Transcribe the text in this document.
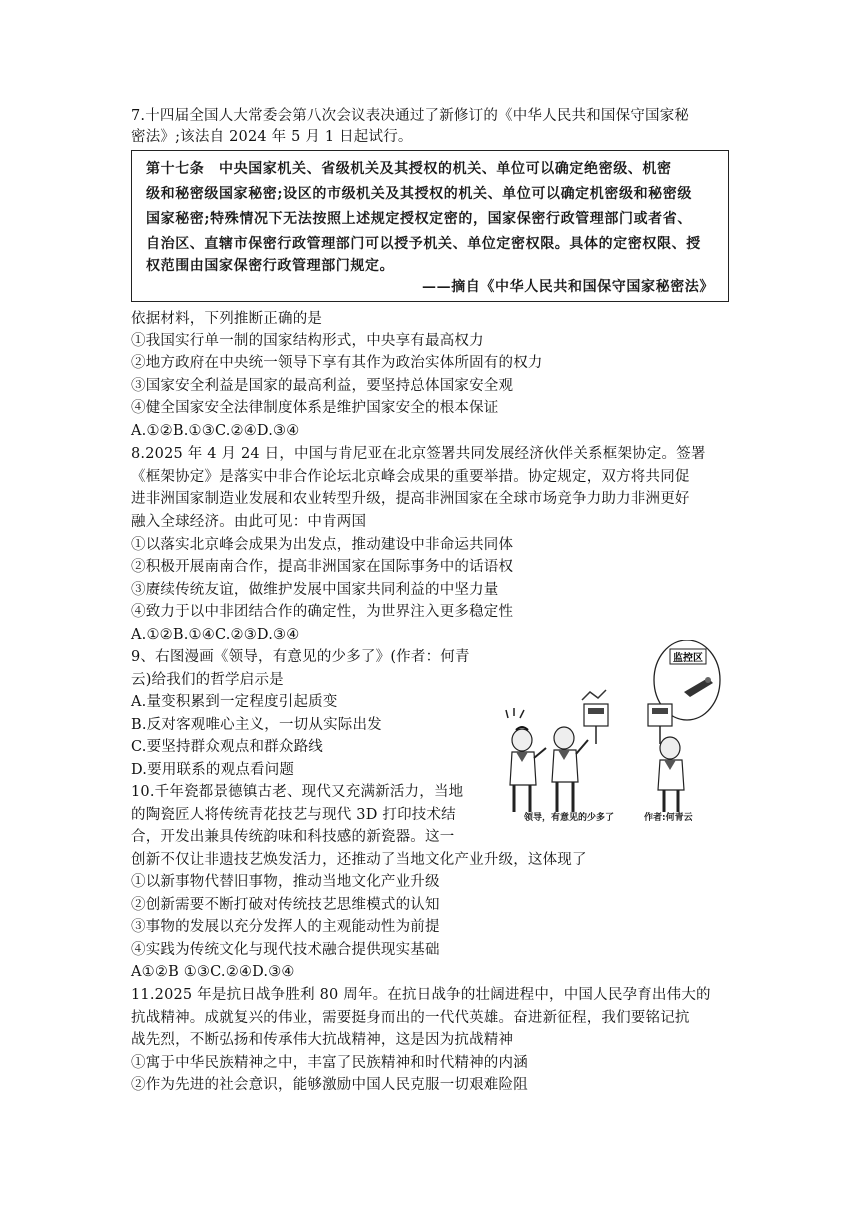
7.十四届全国人大常委会第八次会议表决通过了新修订的《中华人民共和国保守国家秘
密法》;该法自 2024 年 5 月 1 日起试行。
第十七条　中央国家机关、省级机关及其授权的机关、单位可以确定绝密级、机密
级和秘密级国家秘密;设区的市级机关及其授权的机关、单位可以确定机密级和秘密级
国家秘密;特殊情况下无法按照上述规定授权定密的，国家保密行政管理部门或者省、
自治区、直辖市保密行政管理部门可以授予机关、单位定密权限。具体的定密权限、授
权范围由国家保密行政管理部门规定。
——摘自《中华人民共和国保守国家秘密法》
依据材料，下列推断正确的是
①我国实行单一制的国家结构形式，中央享有最高权力
②地方政府在中央统一领导下享有其作为政治实体所固有的权力
③国家安全利益是国家的最高利益，要坚持总体国家安全观
④健全国家安全法律制度体系是维护国家安全的根本保证
A.①②B.①③C.②④D.③④
8.2025 年 4 月 24 日，中国与肯尼亚在北京签署共同发展经济伙伴关系框架协定。签署
《框架协定》是落实中非合作论坛北京峰会成果的重要举措。协定规定，双方将共同促
进非洲国家制造业发展和农业转型升级，提高非洲国家在全球市场竞争力助力非洲更好
融入全球经济。由此可见：中肯两国
①以落实北京峰会成果为出发点，推动建设中非命运共同体
②积极开展南南合作，提高非洲国家在国际事务中的话语权
③赓续传统友谊，做维护发展中国家共同利益的中坚力量
④致力于以中非团结合作的确定性，为世界注入更多稳定性
A.①②B.①④C.②③D.③④
9、右图漫画《领导，有意见的少多了》(作者：何青
云)给我们的哲学启示是
A.量变积累到一定程度引起质变
B.反对客观唯心主义，一切从实际出发
C.要坚持群众观点和群众路线
D.要用联系的观点看问题
监控区
领导，有意见的少多了	作者:何青云
10.千年瓷都景德镇古老、现代又充满新活力，当地
的陶瓷匠人将传统青花技艺与现代 3D 打印技术结
合，开发出兼具传统韵味和科技感的新瓷器。这一
创新不仅让非遗技艺焕发活力，还推动了当地文化产业升级，这体现了
①以新事物代替旧事物，推动当地文化产业升级
②创新需要不断打破对传统技艺思维模式的认知
③事物的发展以充分发挥人的主观能动性为前提
④实践为传统文化与现代技术融合提供现实基础
A①②B ①③C.②④D.③④
11.2025 年是抗日战争胜利 80 周年。在抗日战争的壮阔进程中，中国人民孕育出伟大的
抗战精神。成就复兴的伟业，需要挺身而出的一代代英雄。奋进新征程，我们要铭记抗
战先烈，不断弘扬和传承伟大抗战精神，这是因为抗战精神
①寓于中华民族精神之中，丰富了民族精神和时代精神的内涵
②作为先进的社会意识，能够激励中国人民克服一切艰难险阻
